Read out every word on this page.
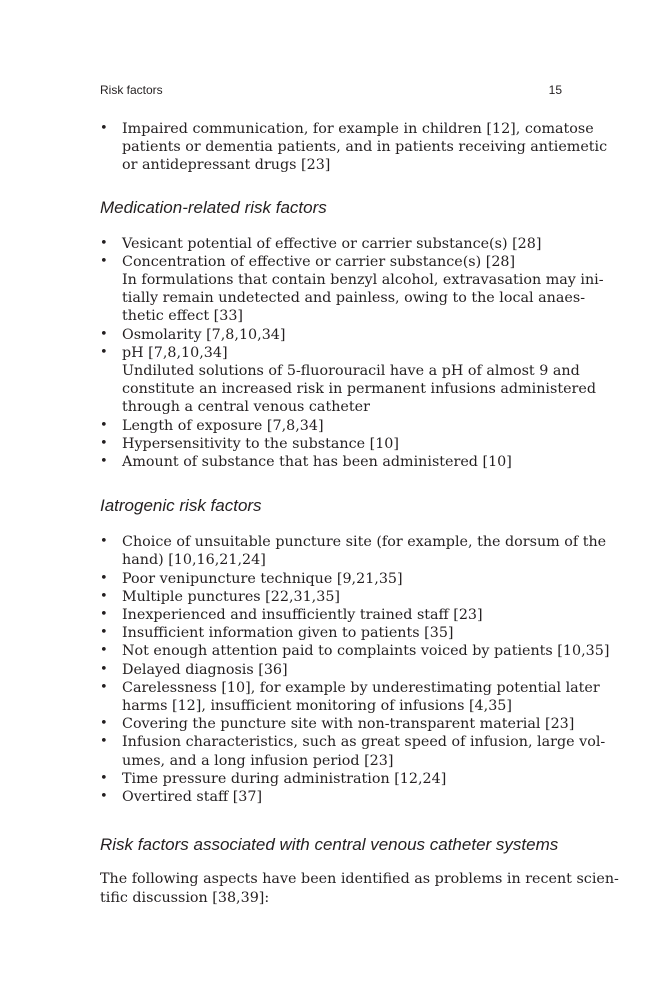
Risk factors	15
• Impaired communication, for example in children [12], comatose
patients or dementia patients, and in patients receiving antiemetic
or antidepressant drugs [23]
Medication-related risk factors
• Vesicant potential of effective or carrier substance(s) [28]
• Concentration of effective or carrier substance(s) [28]
In formulations that contain benzyl alcohol, extravasation may ini-
tially remain undetected and painless, owing to the local anaes-
thetic effect [33]
• Osmolarity [7,8,10,34]
• pH [7,8,10,34]
Undiluted solutions of 5-fluorouracil have a pH of almost 9 and
constitute an increased risk in permanent infusions administered
through a central venous catheter
• Length of exposure [7,8,34]
• Hypersensitivity to the substance [10]
• Amount of substance that has been administered [10]
Iatrogenic risk factors
• Choice of unsuitable puncture site (for example, the dorsum of the
hand) [10,16,21,24]
• Poor venipuncture technique [9,21,35]
• Multiple punctures [22,31,35]
• Inexperienced and insufficiently trained staff [23]
• Insufficient information given to patients [35]
• Not enough attention paid to complaints voiced by patients [10,35]
• Delayed diagnosis [36]
• Carelessness [10], for example by underestimating potential later
harms [12], insufficient monitoring of infusions [4,35]
• Covering the puncture site with non-transparent material [23]
• Infusion characteristics, such as great speed of infusion, large vol-
umes, and a long infusion period [23]
• Time pressure during administration [12,24]
• Overtired staff [37]
Risk factors associated with central venous catheter systems

The following aspects have been identified as problems in recent scien-
tific discussion [38,39]:
